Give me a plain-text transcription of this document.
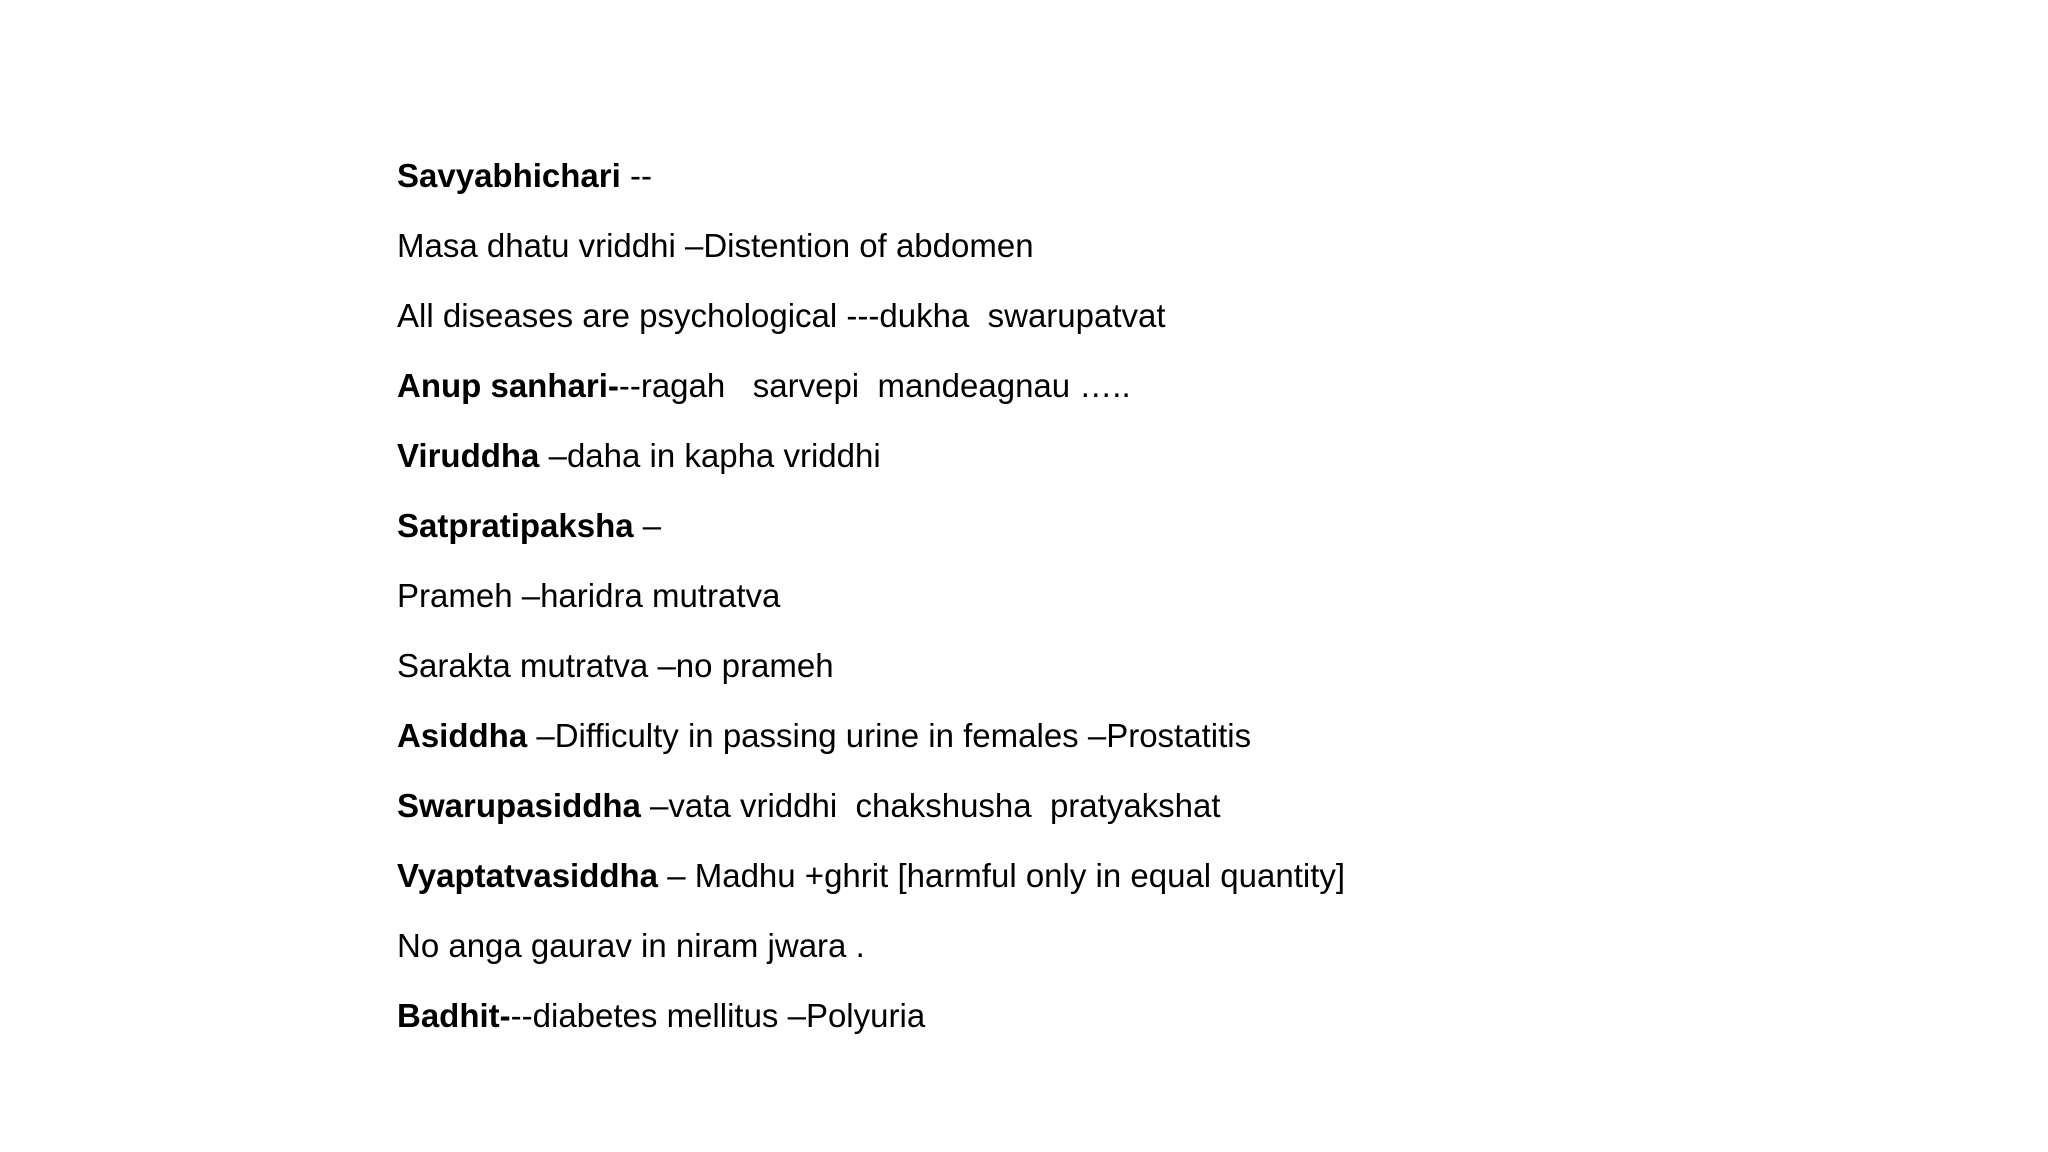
Savyabhichari --
Masa dhatu vriddhi –Distention of abdomen
All diseases are psychological ---dukha  swarupatvat
Anup sanhari---ragah   sarvepi  mandeagnau …..
Viruddha –daha in kapha vriddhi
Satpratipaksha –
Prameh –haridra mutratva
Sarakta mutratva –no prameh
Asiddha –Difficulty in passing urine in females –Prostatitis
Swarupasiddha –vata vriddhi  chakshusha  pratyakshat
Vyaptatvasiddha – Madhu +ghrit [harmful only in equal quantity]
No anga gaurav in niram jwara .
Badhit---diabetes mellitus –Polyuria
